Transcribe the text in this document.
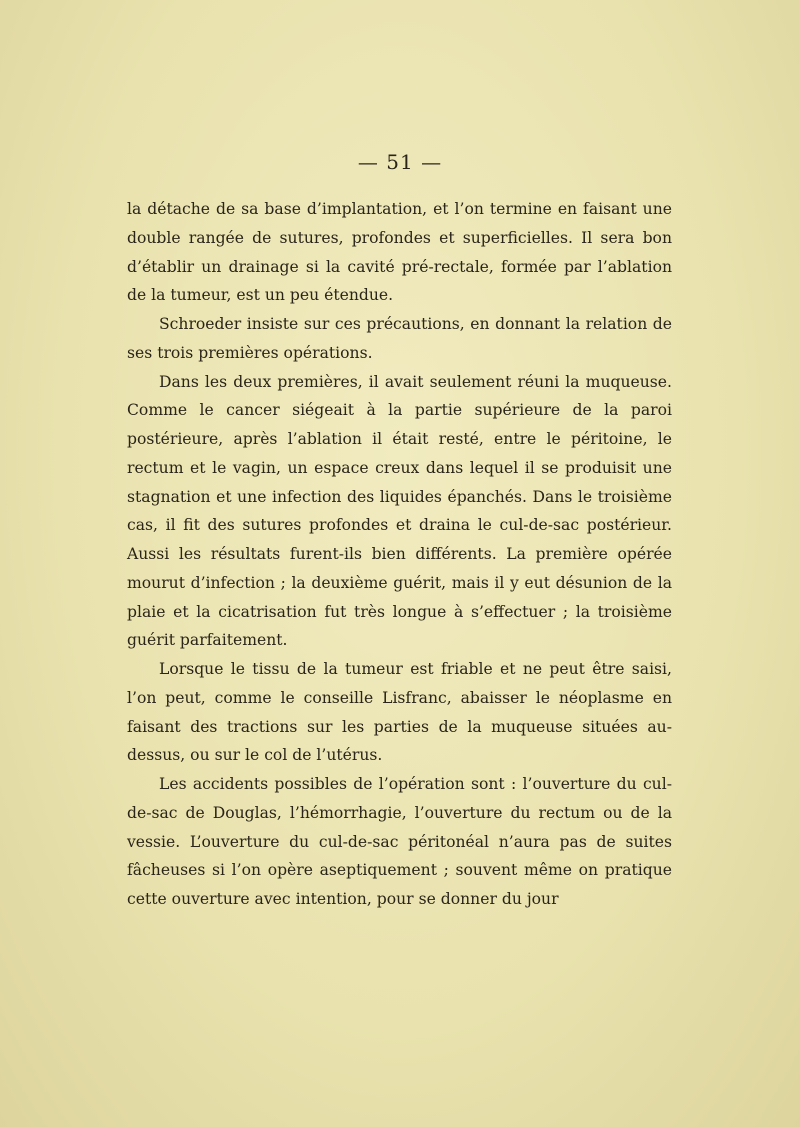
— 51 —

la détache de sa base d’implantation, et l’on termine en faisant une double rangée de sutures, profondes et superficielles. Il sera bon d’établir un drainage si la cavité pré-rectale, formée par l’ablation de la tumeur, est un peu étendue.

Schroeder insiste sur ces précautions, en donnant la relation de ses trois premières opérations.

Dans les deux premières, il avait seulement réuni la muqueuse. Comme le cancer siégeait à la partie supérieure de la paroi postérieure, après l’ablation il était resté, entre le péritoine, le rectum et le vagin, un espace creux dans lequel il se produisit une stagnation et une infection des liquides épanchés. Dans le troisième cas, il fit des sutures profondes et draina le cul-de-sac postérieur. Aussi les résultats furent-ils bien différents. La première opérée mourut d’infection ; la deuxième guérit, mais il y eut désunion de la plaie et la cicatrisation fut très longue à s’effectuer ; la troisième guérit parfaitement.

Lorsque le tissu de la tumeur est friable et ne peut être saisi, l’on peut, comme le conseille Lisfranc, abaisser le néoplasme en faisant des tractions sur les parties de la muqueuse situées au-dessus, ou sur le col de l’utérus.

Les accidents possibles de l’opération sont : l’ouverture du cul-de-sac de Douglas, l’hémorrhagie, l’ouverture du rectum ou de la vessie. L’ouverture du cul-de-sac péritonéal n’aura pas de suites fâcheuses si l’on opère aseptiquement ; souvent même on pratique cette ouverture avec intention, pour se donner du jour
